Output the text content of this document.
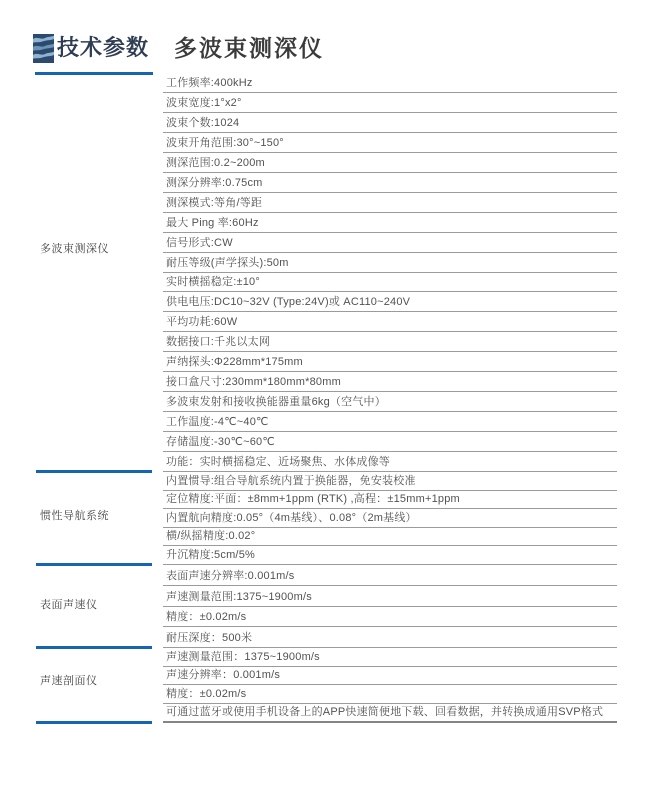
技术参数 多波束测深仪
多波束测深仪
工作频率:400kHz
波束宽度:1°x2°
波束个数:1024
波束开角范围:30°~150°
测深范围:0.2~200m
测深分辨率:0.75cm
测深模式:等角/等距
最大 Ping 率:60Hz
信号形式:CW
耐压等级(声学探头):50m
实时横摇稳定:±10°
供电电压:DC10~32V (Type:24V)或 AC110~240V
平均功耗:60W
数据接口:千兆以太网
声纳探头:Φ228mm*175mm
接口盒尺寸:230mm*180mm*80mm
多波束发射和接收换能器重量6kg（空气中）
工作温度:-4℃~40℃
存储温度:-30℃~60℃
功能：实时横摇稳定、近场聚焦、水体成像等
惯性导航系统
内置惯导:组合导航系统内置于换能器，免安装校准
定位精度:平面：±8mm+1ppm (RTK) ,高程：±15mm+1ppm
内置航向精度:0.05°（4m基线）、0.08°（2m基线）
横/纵摇精度:0.02°
升沉精度:5cm/5%
表面声速仪
表面声速分辨率:0.001m/s
声速测量范围:1375~1900m/s
精度：±0.02m/s
耐压深度：500米
声速剖面仪
声速测量范围：1375~1900m/s
声速分辨率：0.001m/s
精度：±0.02m/s
可通过蓝牙或使用手机设备上的APP快速简便地下载、回看数据，并转换成通用SVP格式
